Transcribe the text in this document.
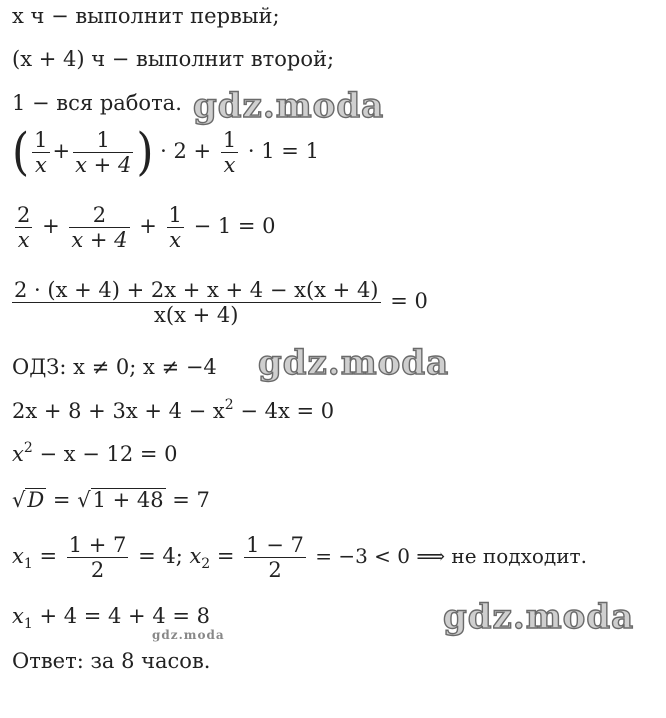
x ч − выполнит первый;
(x + 4) ч − выполнит второй;
1 − вся работа.
( $\frac{1}{x} + \frac{1}{x + 4}$ ) · $2 + \frac{1}{x} \cdot 1 = 1$
$\frac{2}{x} + \frac{2}{x + 4} + \frac{1}{x} - 1 = 0$
$\frac{2 \cdot (x + 4) + 2x + x + 4 - x(x + 4)}{x(x + 4)} = 0$
ОДЗ: x ≠ 0; x ≠ −4
$2x + 8 + 3x + 4 - x^2 - 4x = 0$
$x^2 - x - 12 = 0$
√D = √1 + 48 = 7
$x_1 = \frac{1 + 7}{2} = 4$; $x_2 = \frac{1 - 7}{2} = -3 < 0$ ⟹ не подходит.
$x_1 + 4 = 4 + 4 = 8$
Ответ: за 8 часов.
gdz.moda
gdz.moda
gdz.moda
gdz.moda
